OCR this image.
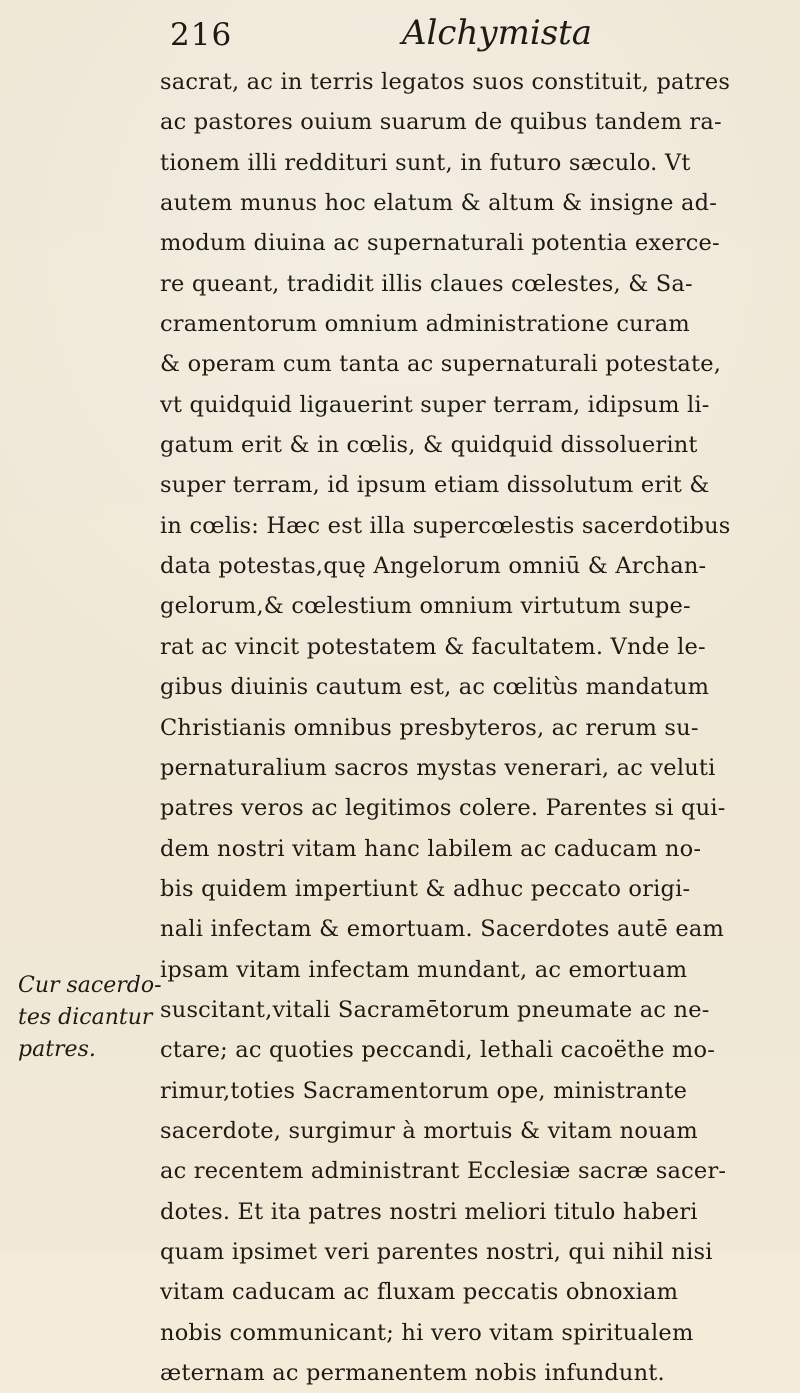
216	Alchymista
Cur sacerdo-
tes dicantur
patres.
sacrat, ac in terris legatos suos constituit, patres
ac pastores ouium suarum de quibus tandem ra-
tionem illi reddituri sunt, in futuro sæculo. Vt
autem munus hoc elatum & altum & insigne ad-
modum diuina ac supernaturali potentia exerce-
re queant, tradidit illis claues cœlestes, & Sa-
cramentorum omnium administratione curam
& operam cum tanta ac supernaturali potestate,
vt quidquid ligauerint super terram, idipsum li-
gatum erit & in cœlis, & quidquid dissoluerint
super terram, id ipsum etiam dissolutum erit &
in cœlis: Hæc est illa supercœlestis sacerdotibus
data potestas,quę Angelorum omniū & Archan-
gelorum,& cœlestium omnium virtutum supe-
rat ac vincit potestatem & facultatem. Vnde le-
gibus diuinis cautum est, ac cœlitùs mandatum
Christianis omnibus presbyteros, ac rerum su-
pernaturalium sacros mystas venerari, ac veluti
patres veros ac legitimos colere. Parentes si qui-
dem nostri vitam hanc labilem ac caducam no-
bis quidem impertiunt & adhuc peccato origi-
nali infectam & emortuam. Sacerdotes autē eam
ipsam vitam infectam mundant, ac emortuam
suscitant,vitali Sacramētorum pneumate ac ne-
ctare; ac quoties peccandi, lethali cacoëthe mo-
rimur,toties Sacramentorum ope, ministrante
sacerdote, surgimur à mortuis & vitam nouam
ac recentem administrant Ecclesiæ sacræ sacer-
dotes. Et ita patres nostri meliori titulo haberi
quam ipsimet veri parentes nostri, qui nihil nisi
vitam caducam ac fluxam peccatis obnoxiam
nobis communicant; hi vero vitam spiritualem
æternam ac permanentem nobis infundunt.
